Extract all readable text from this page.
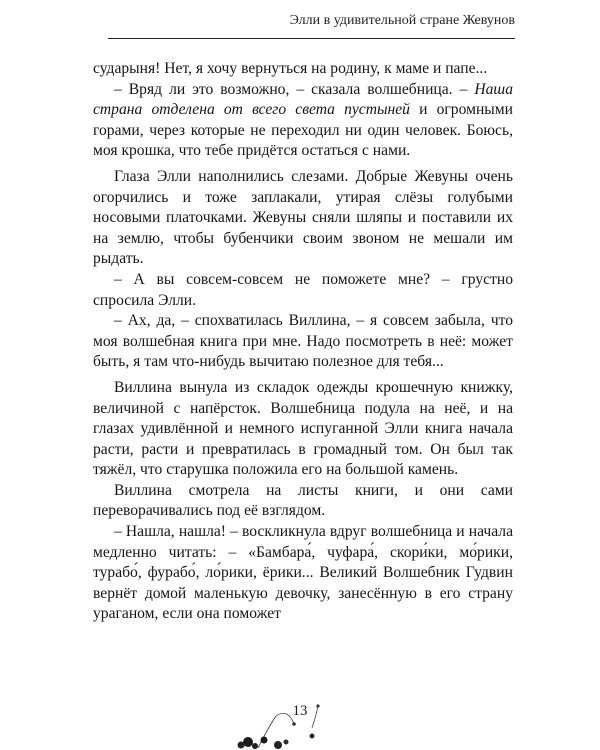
Элли в удивительной стране Жевунов

сударыня! Нет, я хочу вернуться на родину, к маме и папе...

– Вряд ли это возможно, – сказала волшебница. – Наша страна отделена от всего света пустыней и огромными горами, через которые не переходил ни один человек. Боюсь, моя крошка, что тебе придётся остаться с нами.

Глаза Элли наполнились слезами. Добрые Жевуны очень огорчились и тоже заплакали, утирая слёзы голубыми носовыми платочками. Жевуны сняли шляпы и поставили их на землю, чтобы бубенчики своим звоном не мешали им рыдать.

– А вы совсем-совсем не поможете мне? – грустно спросила Элли.

– Ах, да, – спохватилась Виллина, – я совсем забыла, что моя волшебная книга при мне. Надо посмотреть в неё: может быть, я там что-нибудь вычитаю полезное для тебя...

Виллина вынула из складок одежды крошечную книжку, величиной с напёрсток. Волшебница подула на неё, и на глазах удивлённой и немного испуганной Элли книга начала расти, расти и превратилась в громадный том. Он был так тяжёл, что старушка положила его на большой камень.

Виллина смотрела на листы книги, и они сами переворачивались под её взглядом.

– Нашла, нашла! – воскликнула вдруг волшебница и начала медленно читать: – «Бамбара́, чуфара́, скори́ки, мо́рики, турабо́, фурабо́, ло́рики, ёрики... Великий Волшебник Гудвин вернёт домой маленькую девочку, занесённую в его страну ураганом, если она поможет

13
